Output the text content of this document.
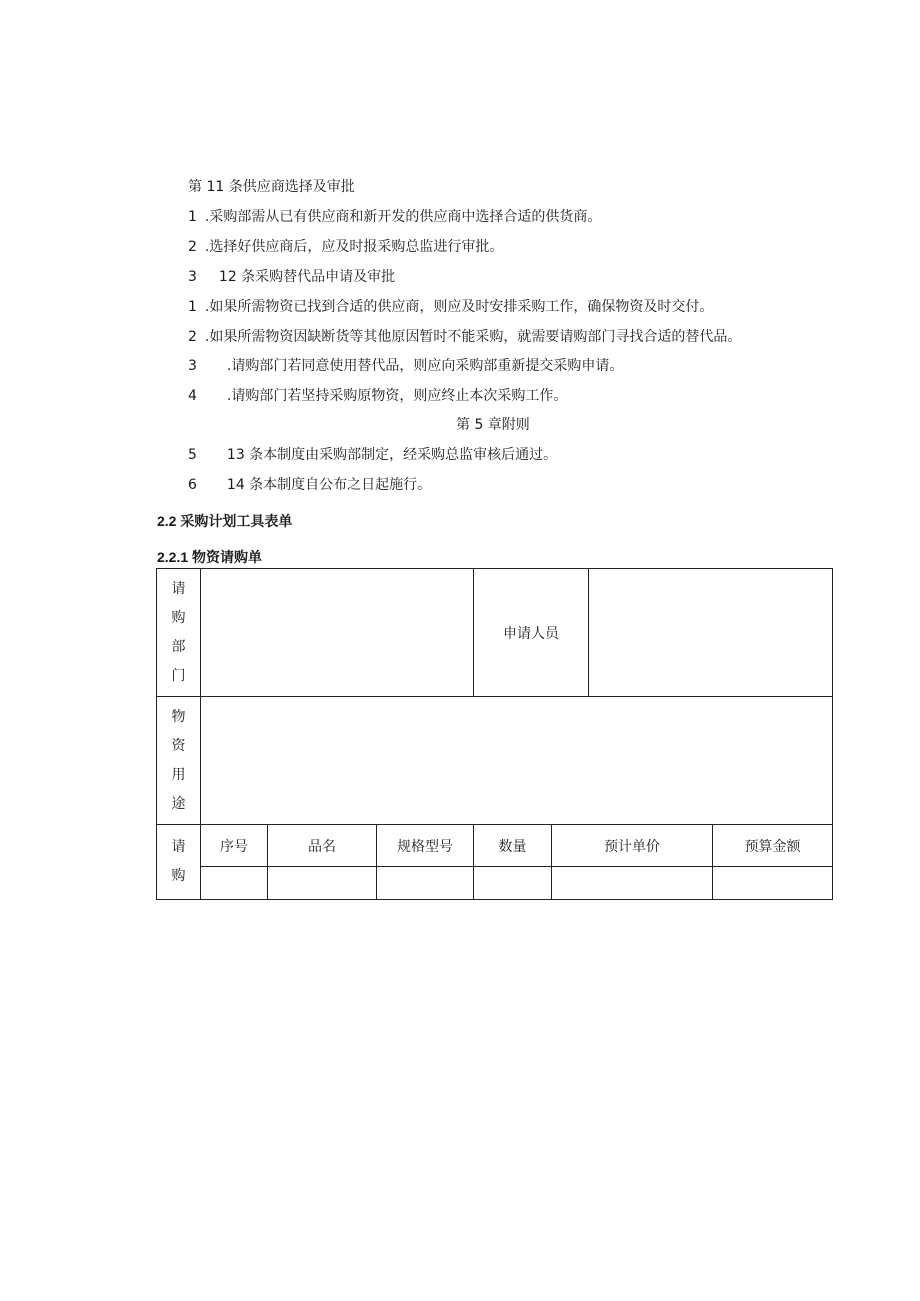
第 11 条供应商选择及审批
1 .采购部需从已有供应商和新开发的供应商中选择合适的供货商。
2 .选择好供应商后，应及时报采购总监进行审批。
3 12 条采购替代品申请及审批
1 .如果所需物资已找到合适的供应商，则应及时安排采购工作，确保物资及时交付。
2 .如果所需物资因缺断货等其他原因暂时不能采购，就需要请购部门寻找合适的替代品。
3 .请购部门若同意使用替代品，则应向采购部重新提交采购申请。
4 .请购部门若坚持采购原物资，则应终止本次采购工作。
第 5 章附则
5 13 条本制度由采购部制定，经采购总监审核后通过。
6 14 条本制度自公布之日起施行。
2.2 采购计划工具表单
2.2.1 物资请购单
请购部门				申请人员			
物资用途							
请购	序号	品名	规格型号	数量	预计单价		预算金额
